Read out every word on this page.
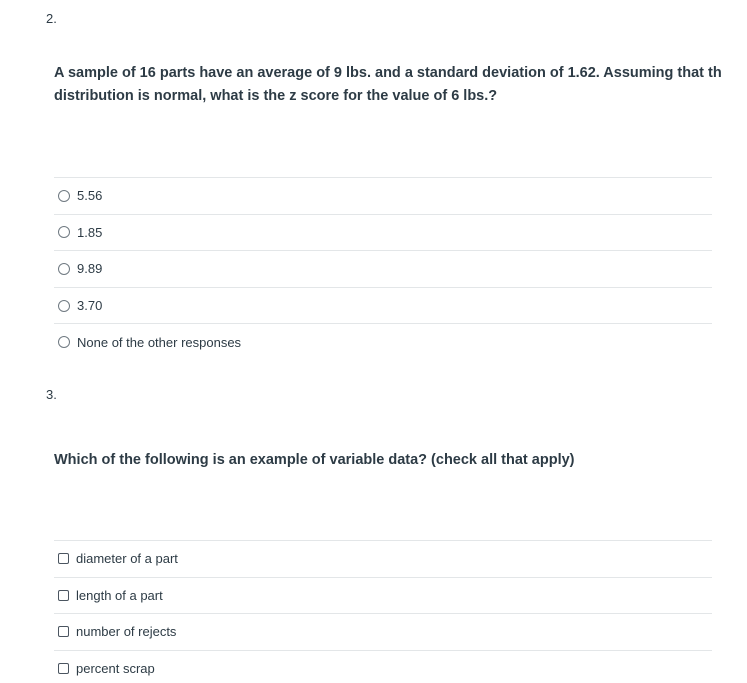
2.
A sample of 16 parts have an average of 9 lbs. and a standard deviation of 1.62. Assuming that th
distribution is normal, what is the z score for the value of 6 lbs.?
5.56
1.85
9.89
3.70
None of the other responses
3.
Which of the following is an example of variable data? (check all that apply)
diameter of a part
length of a part
number of rejects
percent scrap
